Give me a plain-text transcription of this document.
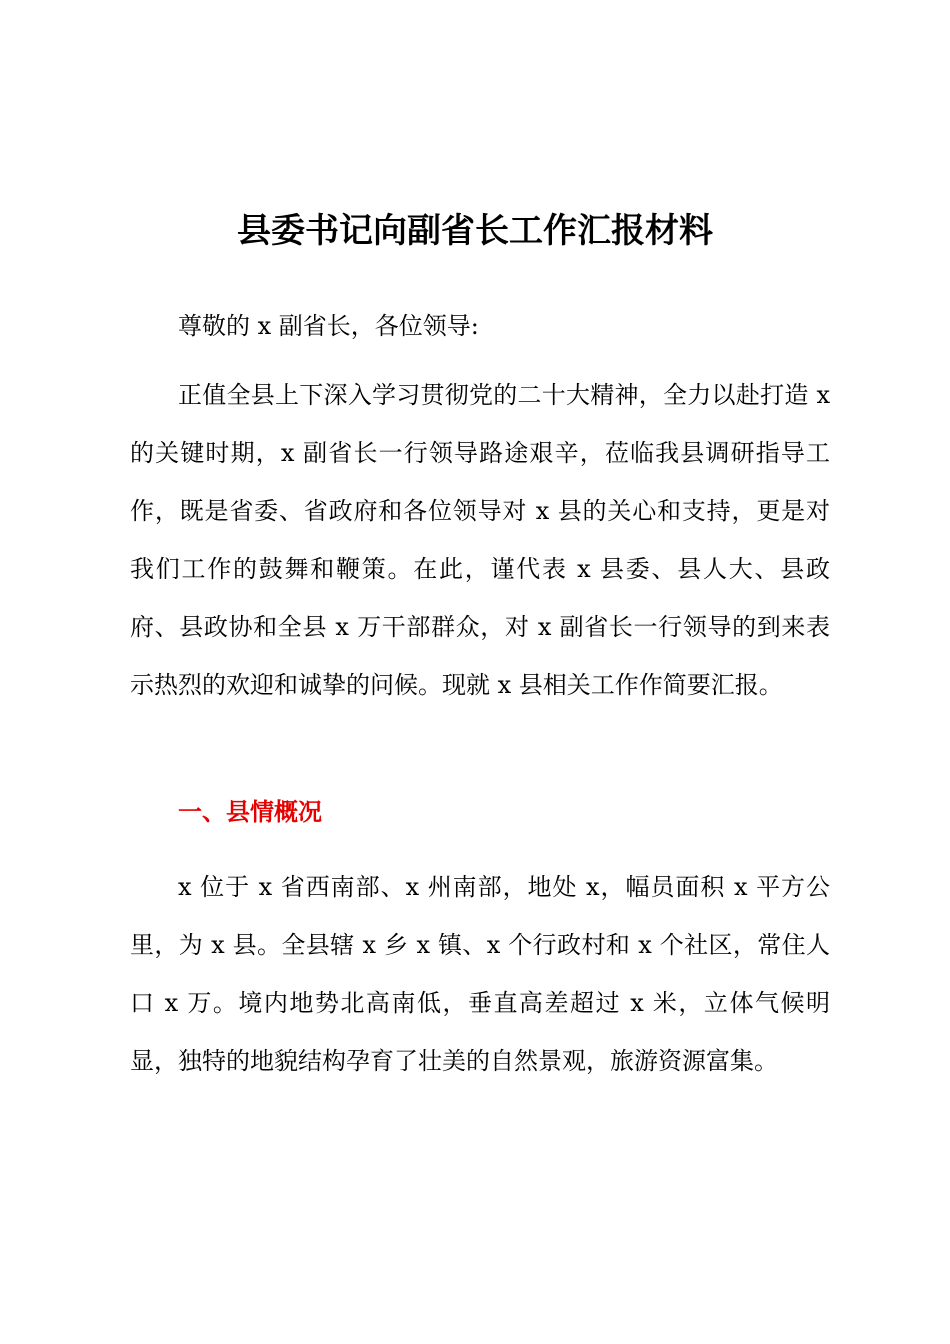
县委书记向副省长工作汇报材料

尊敬的 x 副省长，各位领导:

正值全县上下深入学习贯彻党的二十大精神，全力以赴打造 x 的关键时期，x 副省长一行领导路途艰辛，莅临我县调研指导工作，既是省委、省政府和各位领导对 x 县的关心和支持，更是对我们工作的鼓舞和鞭策。在此，谨代表 x 县委、县人大、县政府、县政协和全县 x 万干部群众，对 x 副省长一行领导的到来表示热烈的欢迎和诚挚的问候。现就 x 县相关工作作简要汇报。

一、县情概况

x 位于 x 省西南部、x 州南部，地处 x，幅员面积 x 平方公里，为 x 县。全县辖 x 乡 x 镇、x 个行政村和 x 个社区，常住人口 x 万。境内地势北高南低，垂直高差超过 x 米，立体气候明显，独特的地貌结构孕育了壮美的自然景观，旅游资源富集。
